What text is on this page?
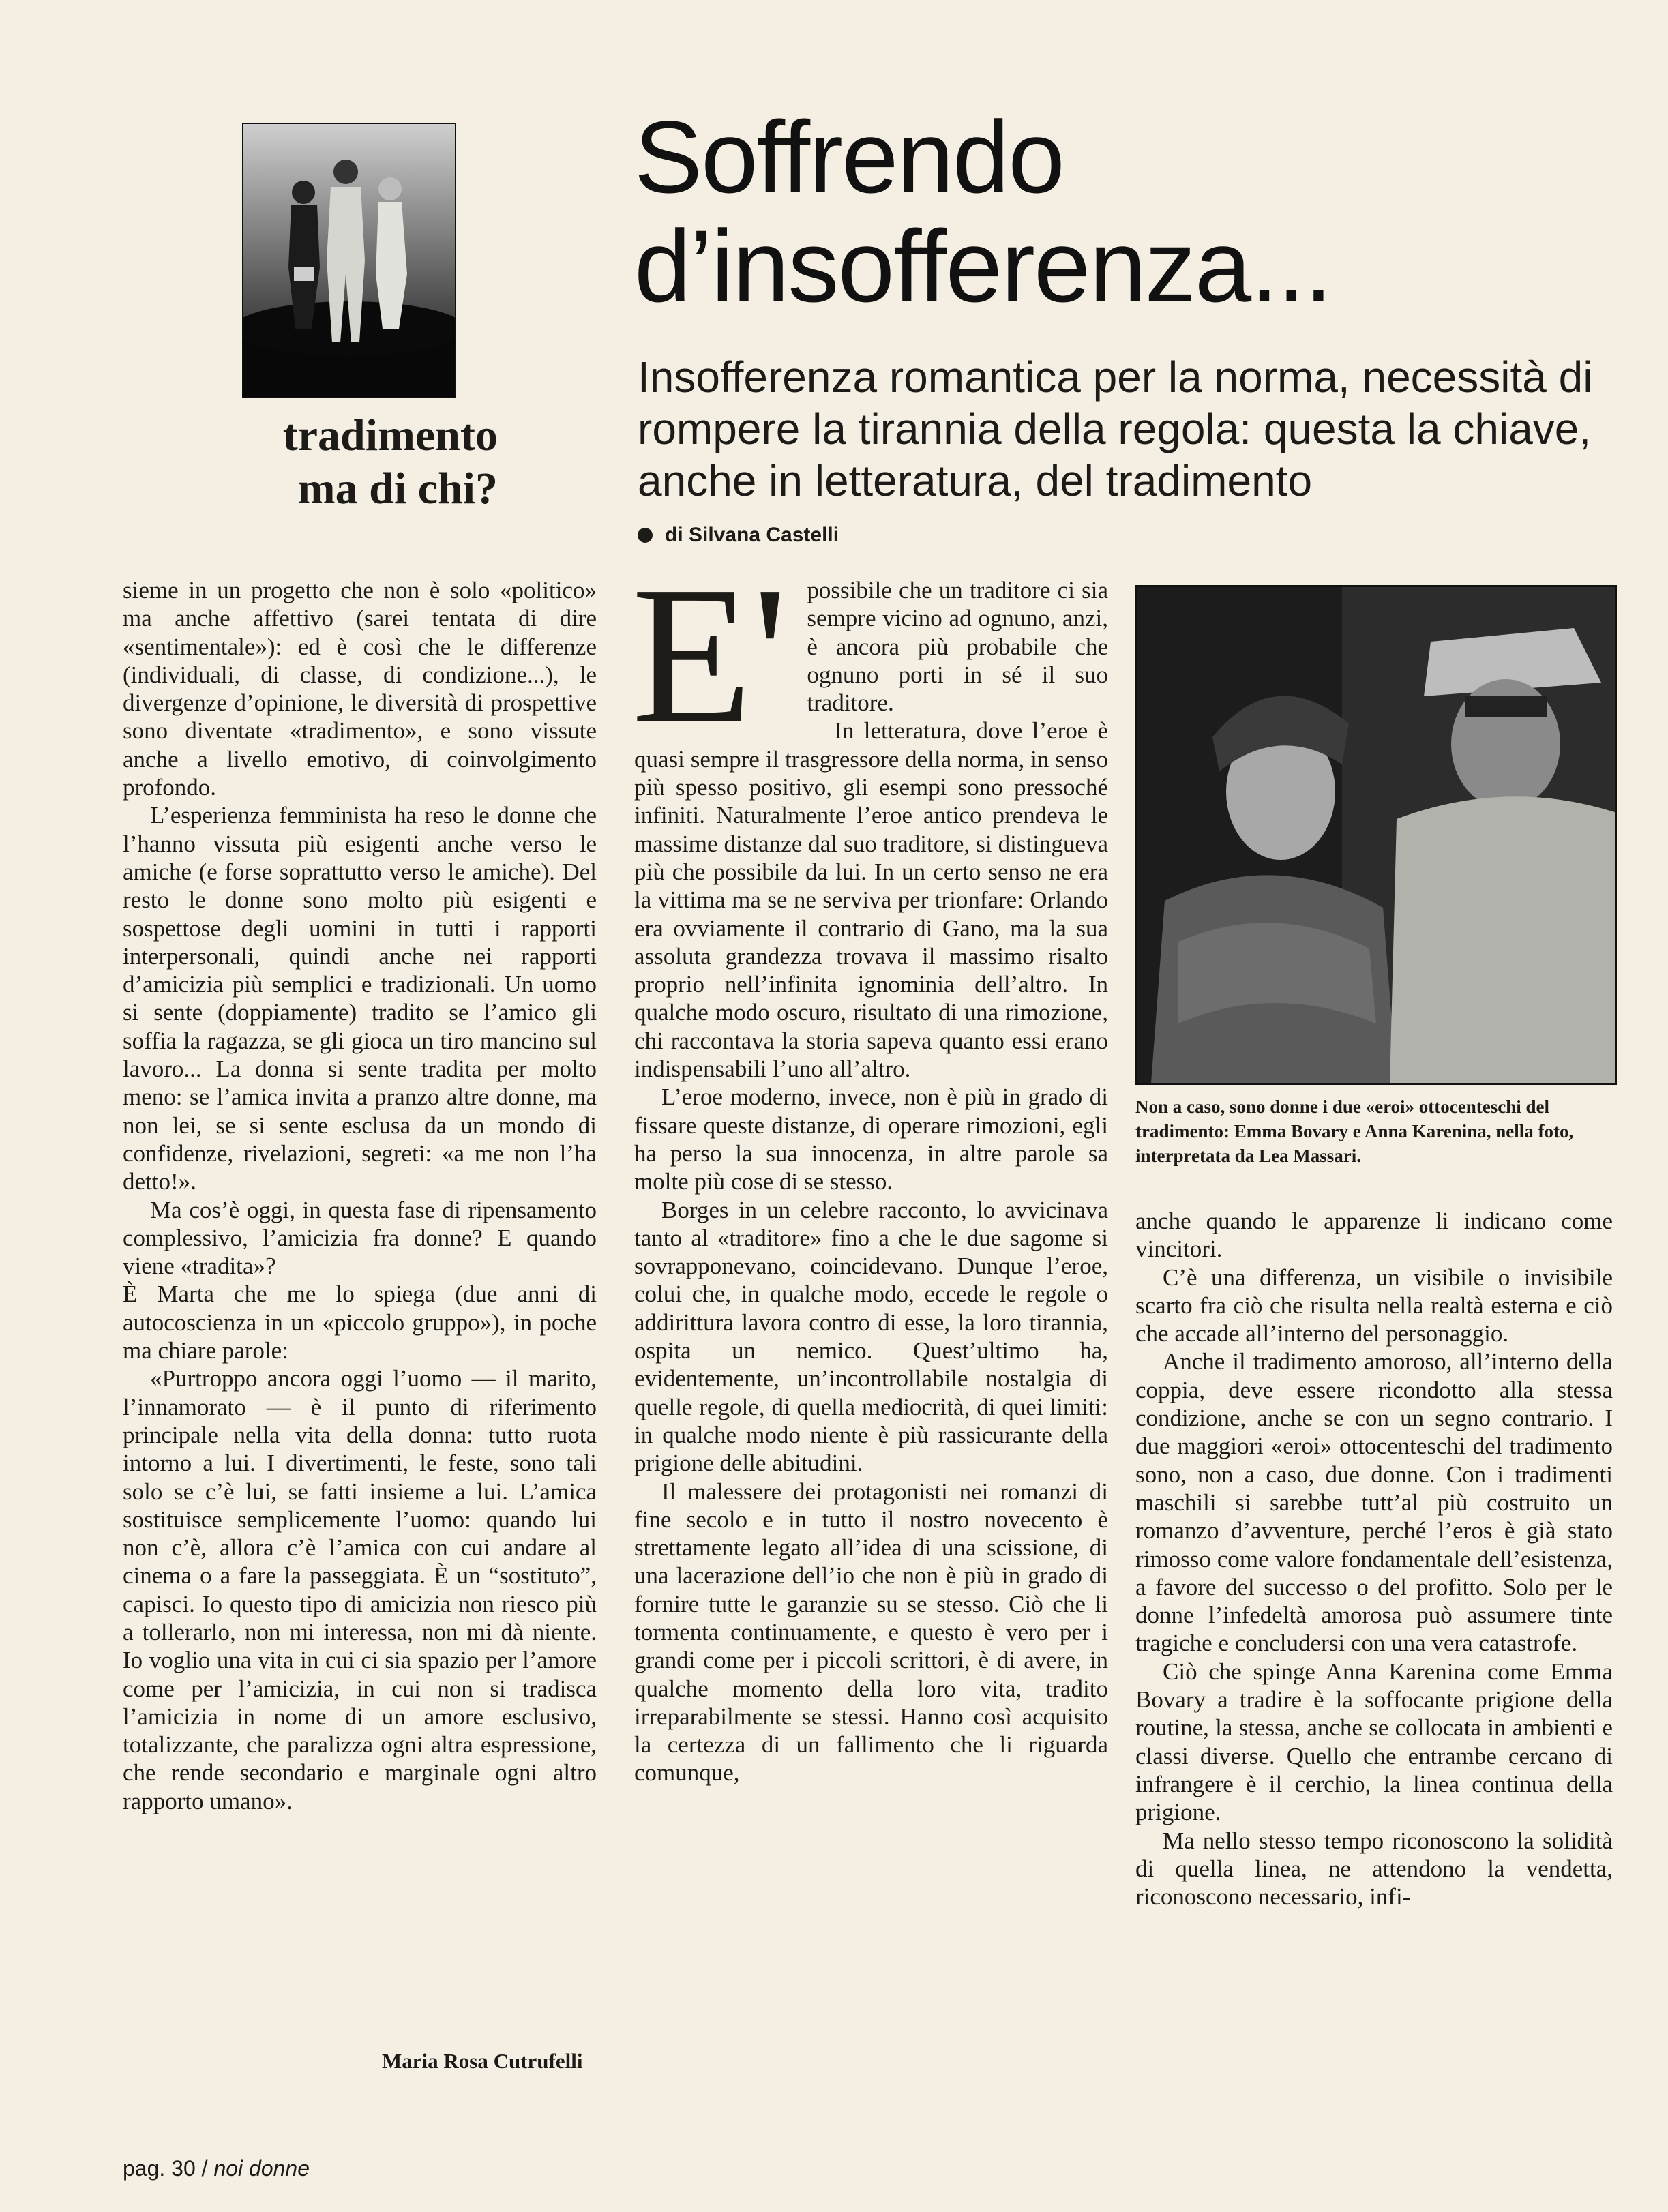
tradimento
ma di chi?
Soffrendo
d’insofferenza...
Insofferenza romantica per la norma, necessità di rompere la tirannia della regola: questa la chiave, anche in letteratura, del tradimento
di Silvana Castelli

sieme in un progetto che non è solo «politico» ma anche affettivo (sarei tentata di dire «sentimentale»): ed è così che le differenze (individuali, di classe, di condizione...), le divergenze d’opinione, le diversità di prospettive sono diventate «tradimento», e sono vissute anche a livello emotivo, di coinvolgimento profondo.

L’esperienza femminista ha reso le donne che l’hanno vissuta più esigenti anche verso le amiche (e forse soprattutto verso le amiche). Del resto le donne sono molto più esigenti e sospettose degli uomini in tutti i rapporti interpersonali, quindi anche nei rapporti d’amicizia più semplici e tradizionali. Un uomo si sente (doppiamente) tradito se l’amico gli soffia la ragazza, se gli gioca un tiro mancino sul lavoro... La donna si sente tradita per molto meno: se l’amica invita a pranzo altre donne, ma non lei, se si sente esclusa da un mondo di confidenze, rivelazioni, segreti: «a me non l’ha detto!».

Ma cos’è oggi, in questa fase di ripensamento complessivo, l’amicizia fra donne? E quando viene «tradita»?

È Marta che me lo spiega (due anni di autocoscienza in un «piccolo gruppo»), in poche ma chiare parole:

«Purtroppo ancora oggi l’uomo — il marito, l’innamorato — è il punto di riferimento principale nella vita della donna: tutto ruota intorno a lui. I divertimenti, le feste, sono tali solo se c’è lui, se fatti insieme a lui. L’amica sostituisce semplicemente l’uomo: quando lui non c’è, allora c’è l’amica con cui andare al cinema o a fare la passeggiata. È un “sostituto”, capisci. Io questo tipo di amicizia non riesco più a tollerarlo, non mi interessa, non mi dà niente. Io voglio una vita in cui ci sia spazio per l’amore come per l’amicizia, in cui non si tradisca l’amicizia in nome di un amore esclusivo, totalizzante, che paralizza ogni altra espressione, che rende secondario e marginale ogni altro rapporto umano».

Maria Rosa Cutrufelli
E' possibile che un traditore ci sia sempre vicino ad ognuno, anzi, è ancora più probabile che ognuno porti in sé il suo traditore.

In letteratura, dove l’eroe è quasi sempre il trasgressore della norma, in senso più spesso positivo, gli esempi sono pressoché infiniti. Naturalmente l’eroe antico prendeva le massime distanze dal suo traditore, si distingueva più che possibile da lui. In un certo senso ne era la vittima ma se ne serviva per trionfare: Orlando era ovviamente il contrario di Gano, ma la sua assoluta grandezza trovava il massimo risalto proprio nell’infinita ignominia dell’altro. In qualche modo oscuro, risultato di una rimozione, chi raccontava la storia sapeva quanto essi erano indispensabili l’uno all’altro.

L’eroe moderno, invece, non è più in grado di fissare queste distanze, di operare rimozioni, egli ha perso la sua innocenza, in altre parole sa molte più cose di se stesso.

Borges in un celebre racconto, lo avvicinava tanto al «traditore» fino a che le due sagome si sovrapponevano, coincidevano. Dunque l’eroe, colui che, in qualche modo, eccede le regole o addirittura lavora contro di esse, la loro tirannia, ospita un nemico. Quest’ultimo ha, evidentemente, un’incontrollabile nostalgia di quelle regole, di quella mediocrità, di quei limiti: in qualche modo niente è più rassicurante della prigione delle abitudini.

Il malessere dei protagonisti nei romanzi di fine secolo e in tutto il nostro novecento è strettamente legato all’idea di una scissione, di una lacerazione dell’io che non è più in grado di fornire tutte le garanzie su se stesso. Ciò che li tormenta continuamente, e questo è vero per i grandi come per i piccoli scrittori, è di avere, in qualche momento della loro vita, tradito irreparabilmente se stessi. Hanno così acquisito la certezza di un fallimento che li riguarda comunque,

Non a caso, sono donne i due «eroi» ottocenteschi del tradimento: Emma Bovary e Anna Karenina, nella foto, interpretata da Lea Massari.

anche quando le apparenze li indicano come vincitori.

C’è una differenza, un visibile o invisibile scarto fra ciò che risulta nella realtà esterna e ciò che accade all’interno del personaggio.

Anche il tradimento amoroso, all’interno della coppia, deve essere ricondotto alla stessa condizione, anche se con un segno contrario. I due maggiori «eroi» ottocenteschi del tradimento sono, non a caso, due donne. Con i tradimenti maschili si sarebbe tutt’al più costruito un romanzo d’avventure, perché l’eros è già stato rimosso come valore fondamentale dell’esistenza, a favore del successo o del profitto. Solo per le donne l’infedeltà amorosa può assumere tinte tragiche e concludersi con una vera catastrofe.

Ciò che spinge Anna Karenina come Emma Bovary a tradire è la soffocante prigione della routine, la stessa, anche se collocata in ambienti e classi diverse. Quello che entrambe cercano di infrangere è il cerchio, la linea continua della prigione.

Ma nello stesso tempo riconoscono la solidità di quella linea, ne attendono la vendetta, riconoscono necessario, infi-

pag. 30 / noi donne
